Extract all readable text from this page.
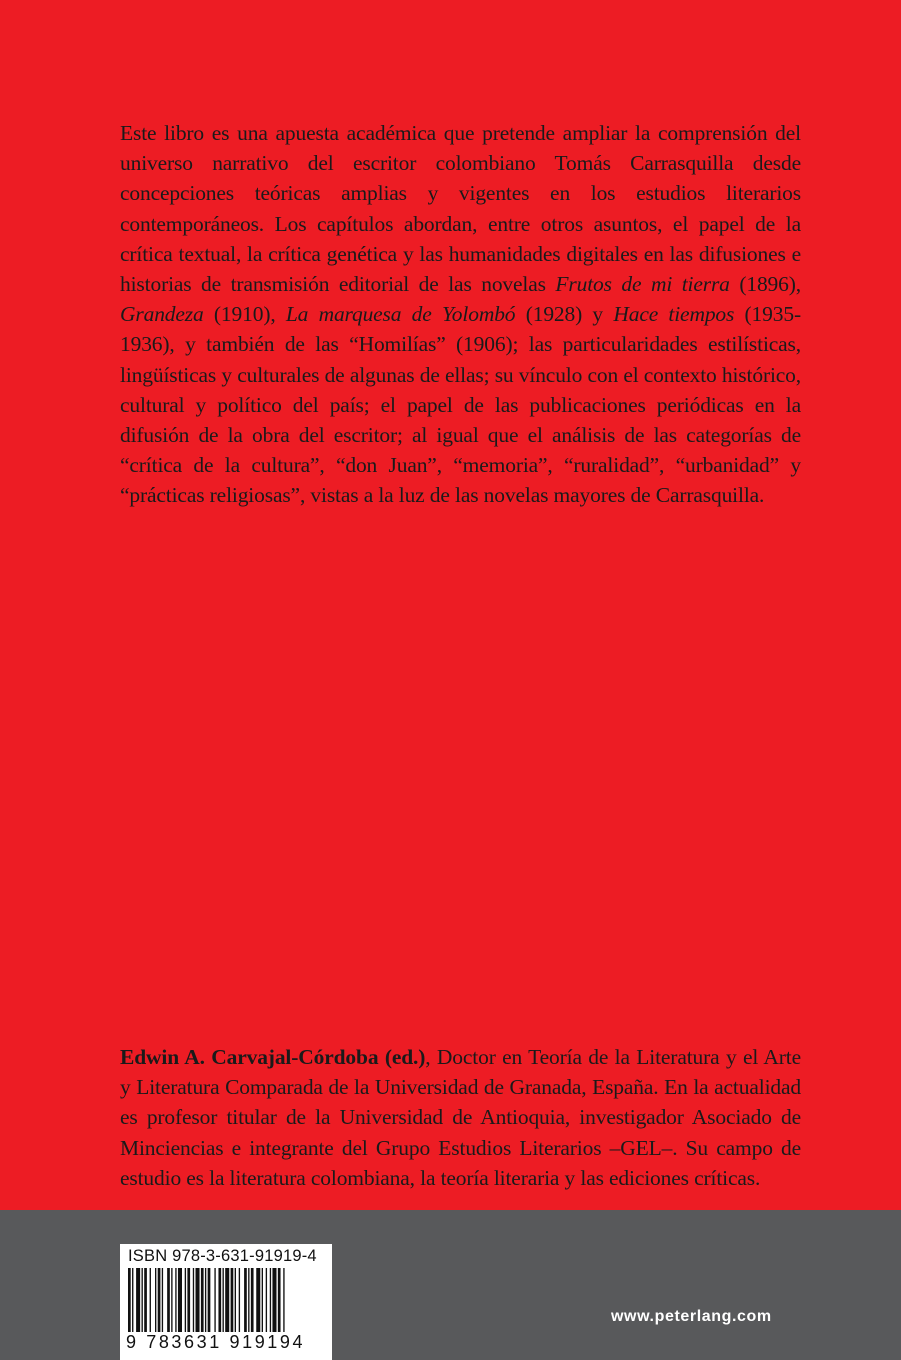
Este libro es una apuesta académica que pretende ampliar la comprensión del universo narrativo del escritor colombiano Tomás Carrasquilla desde concepciones teóricas amplias y vigentes en los estudios literarios contemporáneos. Los capítulos abordan, entre otros asuntos, el papel de la crítica textual, la crítica genética y las humanidades digitales en las difusiones e historias de transmisión editorial de las novelas Frutos de mi tierra (1896), Grandeza (1910), La marquesa de Yolombó (1928) y Hace tiempos (1935-1936), y también de las “Homilías” (1906); las particularidades estilísticas, lingüísticas y culturales de algunas de ellas; su vínculo con el contexto histórico, cultural y político del país; el papel de las publicaciones periódicas en la difusión de la obra del escritor; al igual que el análisis de las categorías de “crítica de la cultura”, “don Juan”, “memoria”, “ruralidad”, “urbanidad” y “prácticas religiosas”, vistas a la luz de las novelas mayores de Carrasquilla.
Edwin A. Carvajal-Córdoba (ed.), Doctor en Teoría de la Literatura y el Arte y Literatura Comparada de la Universidad de Granada, España. En la actualidad es profesor titular de la Universidad de Antioquia, investigador Asociado de Minciencias e integrante del Grupo Estudios Literarios –GEL–. Su campo de estudio es la literatura colombiana, la teoría literaria y las ediciones críticas.
ISBN 978-3-631-91919-4
9 783631 919194
www.peterlang.com
